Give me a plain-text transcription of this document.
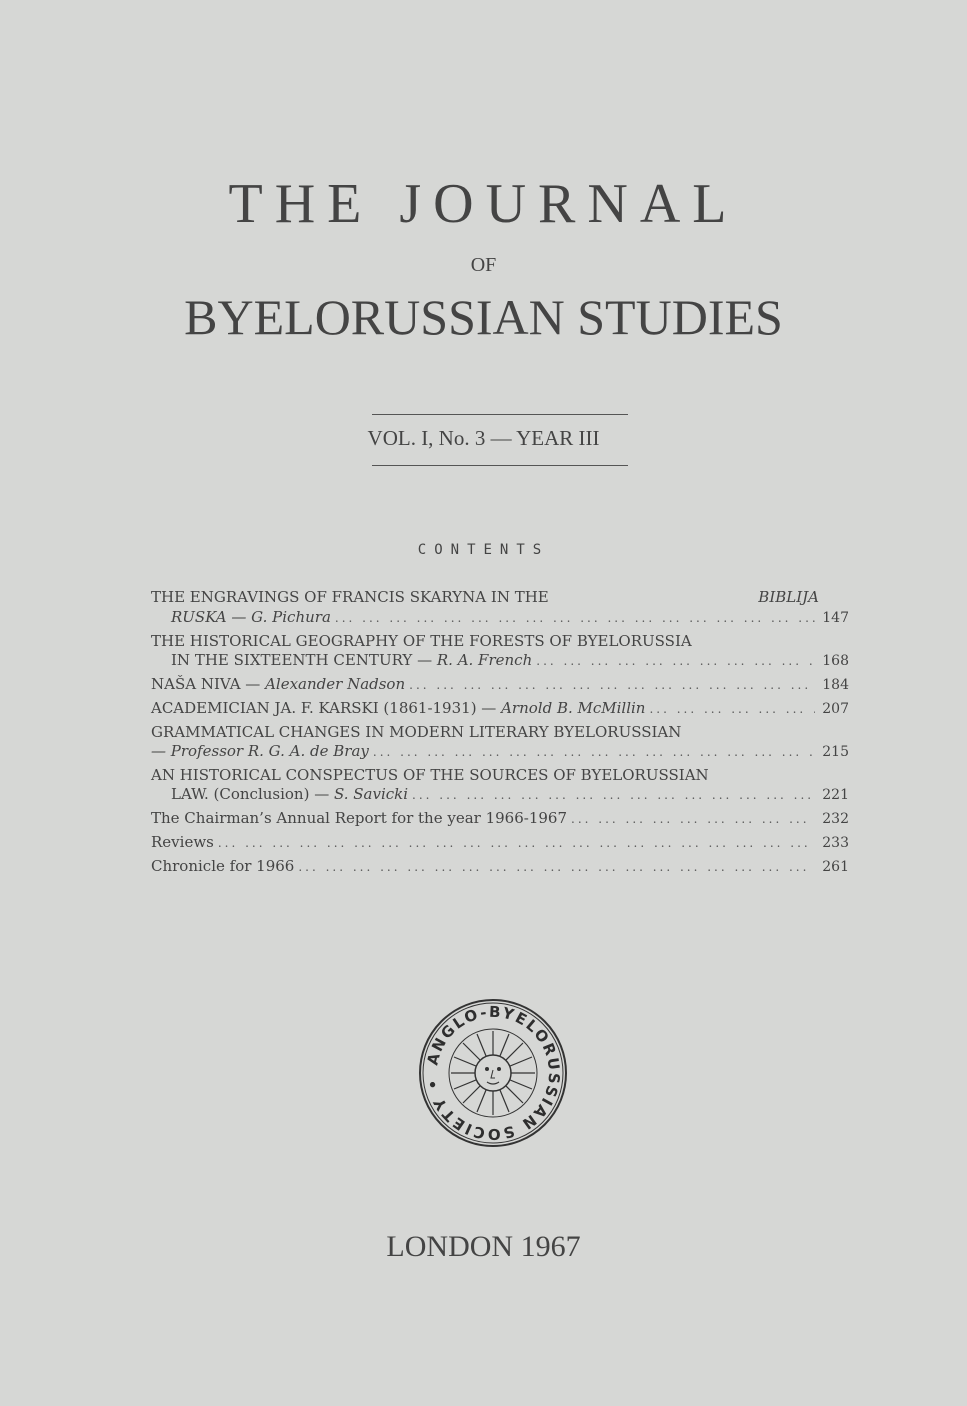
THE JOURNAL
OF
BYELORUSSIAN STUDIES
VOL. I, No. 3 — YEAR III
CONTENTS
THE ENGRAVINGS OF FRANCIS SKARYNA IN THE	BIBLIJA
RUSKA — G. Pichura ... .	147
THE HISTORICAL GEOGRAPHY OF THE FORESTS OF BYELORUSSIA
IN THE SIXTEENTH CENTURY — R. A. French ... .	168
NAŠA NIVA — Alexander Nadson ... .	184
ACADEMICIAN JA. F. KARSKI (1861-1931) — Arnold B. McMillin ... .	207
GRAMMATICAL CHANGES IN MODERN LITERARY BYELORUSSIAN
— Professor R. G. A. de Bray ... .	215
AN HISTORICAL CONSPECTUS OF THE SOURCES OF BYELORUSSIAN
LAW. (Conclusion) — S. Savicki ... .	221
The Chairman’s Annual Report for the year 1966-1967 ... .	232
Reviews ... .	233
Chronicle for 1966 ... .	261
ANGLO-BYELORUSSIAN SOCIETY •
LONDON 1967
